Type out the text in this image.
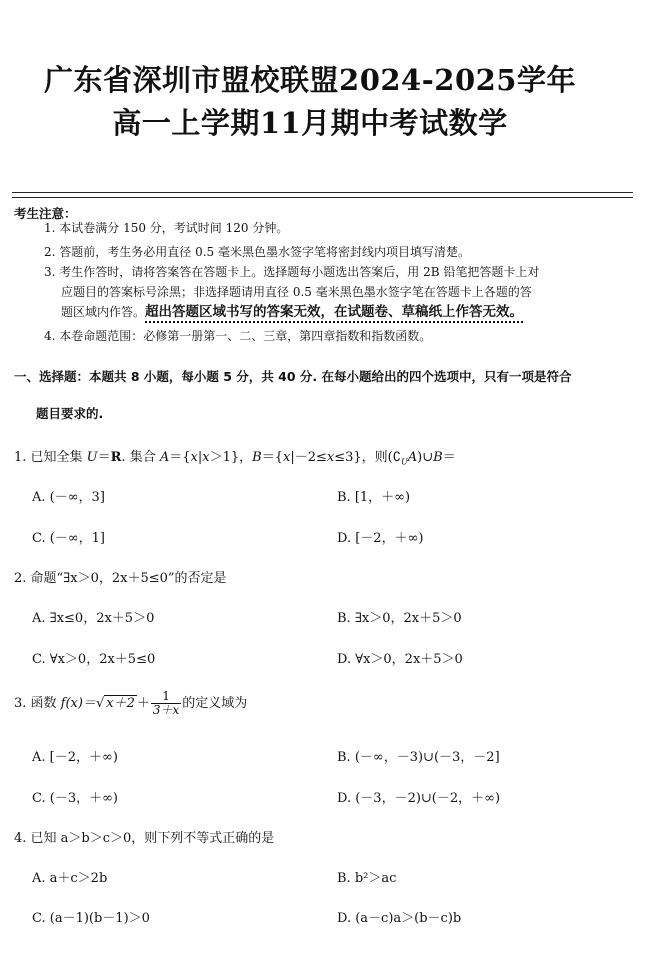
广东省深圳市盟校联盟2024-2025学年
高一上学期11月期中考试数学
考生注意：
1. 本试卷满分 150 分，考试时间 120 分钟。
2. 答题前，考生务必用直径 0.5 毫米黑色墨水签字笔将密封线内项目填写清楚。
3. 考生作答时，请将答案答在答题卡上。选择题每小题选出答案后，用 2B 铅笔把答题卡上对
应题目的答案标号涂黑；非选择题请用直径 0.5 毫米黑色墨水签字笔在答题卡上各题的答
题区域内作答。超出答题区域书写的答案无效，在试题卷、草稿纸上作答无效。
4. 本卷命题范围：必修第一册第一、二、三章，第四章指数和指数函数。
一、选择题：本题共 8 小题，每小题 5 分，共 40 分. 在每小题给出的四个选项中，只有一项是符合
题目要求的.
1. 已知全集 U＝R. 集合 A＝{x|x＞1}，B＝{x|－2≤x≤3}，则$(∁_UA)\cup B=$
A. (－∞，3]	B. [1，＋∞)
C. (－∞，1]	D. [－2，＋∞)
2. 命题“∃x＞0，2x＋5≤0”的否定是
A. ∃x≤0，2x＋5＞0	B. ∃x＞0，2x＋5＞0
C. ∀x＞0，2x＋5≤0	D. ∀x＞0，2x＋5＞0
3. 函数 f(x)＝√ $x+2 + \frac{1}{3+x}$ 的定义域为
A. [－2，＋∞)	B. (－∞，－3)∪(－3，－2]
C. (－3，＋∞)	D. (－3，－2)∪(－2，＋∞)
4. 已知 a＞b＞c＞0，则下列不等式正确的是
A. a＋c＞2b	B. b²＞ac
C. (a－1)(b－1)＞0	D. (a－c)a＞(b－c)b
